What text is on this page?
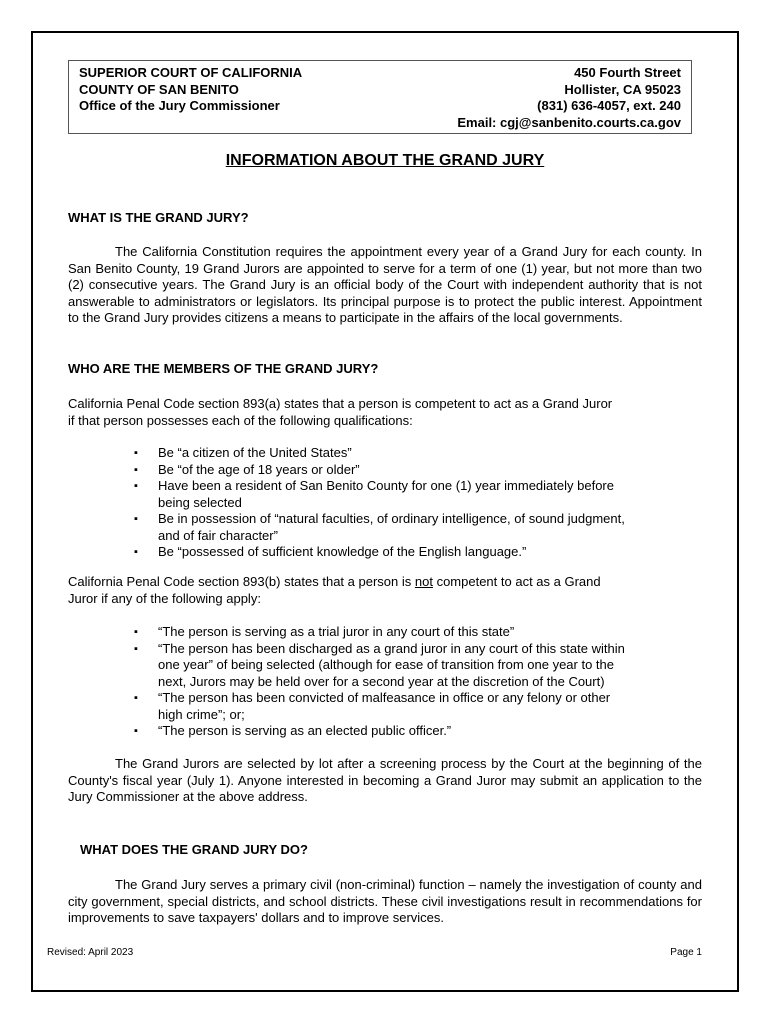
SUPERIOR COURT OF CALIFORNIA
COUNTY OF SAN BENITO
Office of the Jury Commissioner
450 Fourth Street
Hollister, CA 95023
(831) 636-4057, ext. 240
Email: cgj@sanbenito.courts.ca.gov
INFORMATION ABOUT THE GRAND JURY
WHAT IS THE GRAND JURY?
The California Constitution requires the appointment every year of a Grand Jury for each county. In San Benito County, 19 Grand Jurors are appointed to serve for a term of one (1) year, but not more than two (2) consecutive years. The Grand Jury is an official body of the Court with independent authority that is not answerable to administrators or legislators. Its principal purpose is to protect the public interest. Appointment to the Grand Jury provides citizens a means to participate in the affairs of the local governments.
WHO ARE THE MEMBERS OF THE GRAND JURY?
California Penal Code section 893(a) states that a person is competent to act as a Grand Juror
if that person possesses each of the following qualifications:
▪ Be “a citizen of the United States”
▪ Be “of the age of 18 years or older”
▪ Have been a resident of San Benito County for one (1) year immediately before
being selected
▪ Be in possession of “natural faculties, of ordinary intelligence, of sound judgment,
and of fair character”
▪ Be “possessed of sufficient knowledge of the English language.”
California Penal Code section 893(b) states that a person is not competent to act as a Grand
Juror if any of the following apply:
▪ “The person is serving as a trial juror in any court of this state”
▪ “The person has been discharged as a grand juror in any court of this state within
one year” of being selected (although for ease of transition from one year to the
next, Jurors may be held over for a second year at the discretion of the Court)
▪ “The person has been convicted of malfeasance in office or any felony or other
high crime”; or;
▪ “The person is serving as an elected public officer.”
The Grand Jurors are selected by lot after a screening process by the Court at the beginning of the County's fiscal year (July 1). Anyone interested in becoming a Grand Juror may submit an application to the Jury Commissioner at the above address.
WHAT DOES THE GRAND JURY DO?
The Grand Jury serves a primary civil (non-criminal) function – namely the investigation of county and city government, special districts, and school districts. These civil investigations result in recommendations for improvements to save taxpayers' dollars and to improve services.
Revised: April 2023	Page 1
